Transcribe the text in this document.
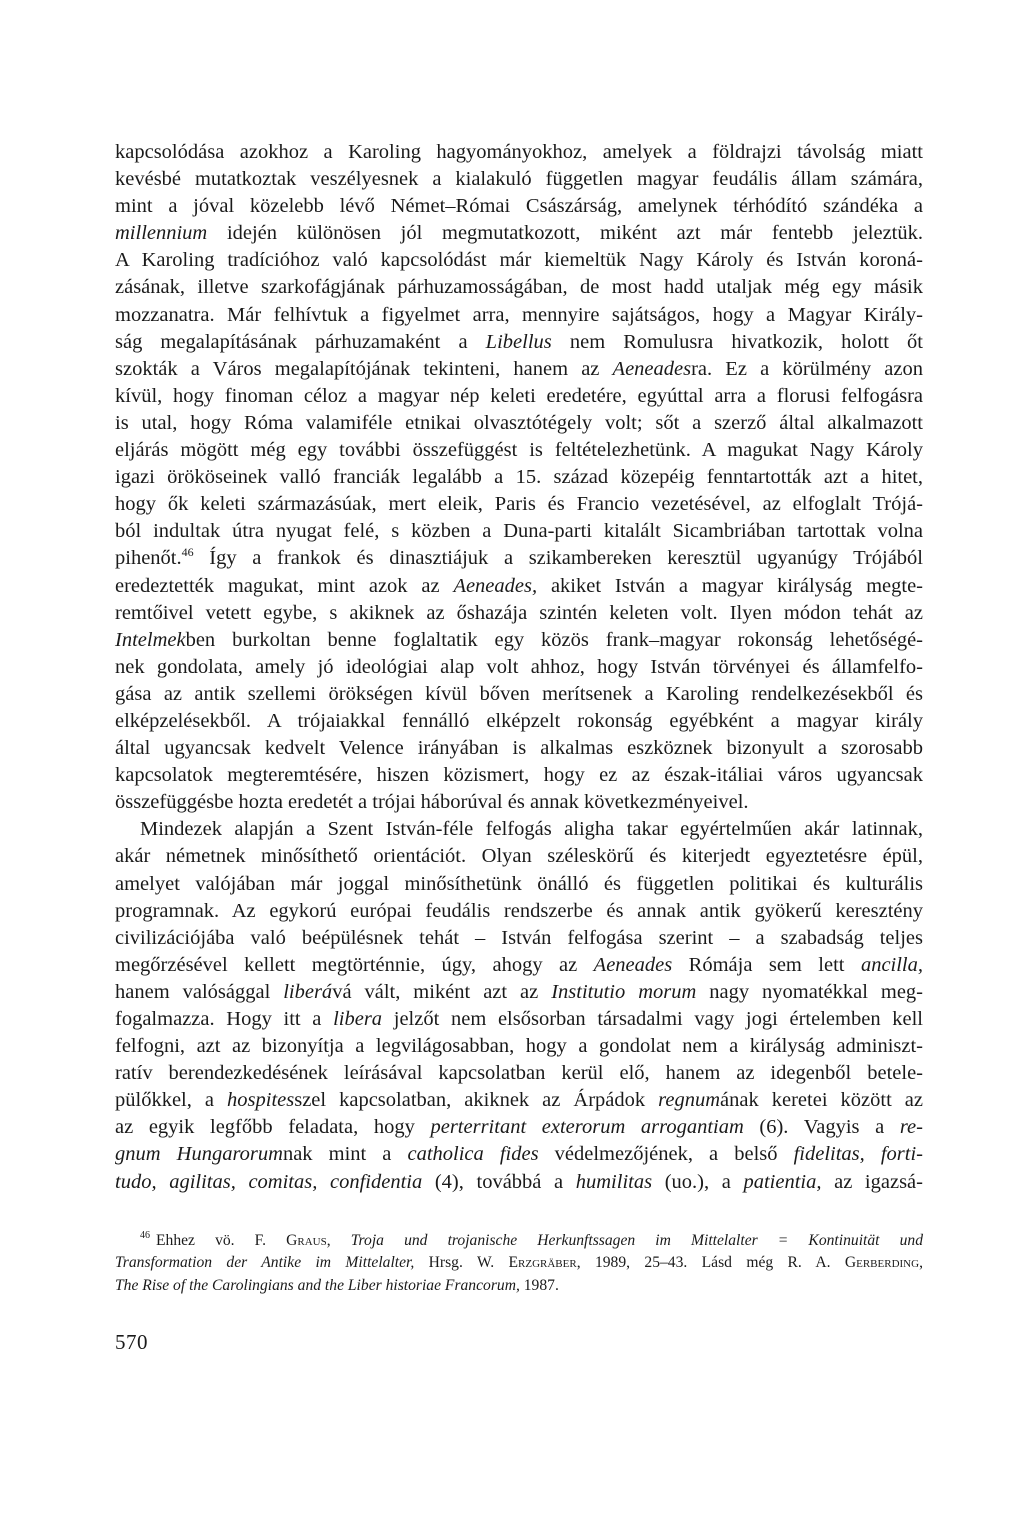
kapcsolódása azokhoz a Karoling hagyományokhoz, amelyek a földrajzi távolság miatt
kevésbé mutatkoztak veszélyesnek a kialakuló független magyar feudális állam számára,
mint a jóval közelebb lévő Német–Római Császárság, amelynek térhódító szándéka a
millennium idején különösen jól megmutatkozott, miként azt már fentebb jeleztük.
A Karoling tradícióhoz való kapcsolódást már kiemeltük Nagy Károly és István koroná-
zásának, illetve szarkofágjának párhuzamosságában, de most hadd utaljak még egy másik
mozzanatra. Már felhívtuk a figyelmet arra, mennyire sajátságos, hogy a Magyar Király-
ság megalapításának párhuzamaként a Libellus nem Romulusra hivatkozik, holott őt
szokták a Város megalapítójának tekinteni, hanem az Aeneadesra. Ez a körülmény azon
kívül, hogy finoman céloz a magyar nép keleti eredetére, egyúttal arra a florusi felfogásra
is utal, hogy Róma valamiféle etnikai olvasztótégely volt; sőt a szerző által alkalmazott
eljárás mögött még egy további összefüggést is feltételezhetünk. A magukat Nagy Károly
igazi örököseinek valló franciák legalább a 15. század közepéig fenntartották azt a hitet,
hogy ők keleti származásúak, mert eleik, Paris és Francio vezetésével, az elfoglalt Trójá-
ból indultak útra nyugat felé, s közben a Duna-parti kitalált Sicambriában tartottak volna
pihenőt.$^{46}$ Így a frankok és dinasztiájuk a szikambereken keresztül ugyanúgy Trójából
eredeztették magukat, mint azok az Aeneades, akiket István a magyar királyság megte-
remtőivel vetett egybe, s akiknek az őshazája szintén keleten volt. Ilyen módon tehát az
Intelmekben burkoltan benne foglaltatik egy közös frank–magyar rokonság lehetőségé-
nek gondolata, amely jó ideológiai alap volt ahhoz, hogy István törvényei és államfelfo-
gása az antik szellemi örökségen kívül bőven merítsenek a Karoling rendelkezésekből és
elképzelésekből. A trójaiakkal fennálló elképzelt rokonság egyébként a magyar király
által ugyancsak kedvelt Velence irányában is alkalmas eszköznek bizonyult a szorosabb
kapcsolatok megteremtésére, hiszen közismert, hogy ez az észak-itáliai város ugyancsak
összefüggésbe hozta eredetét a trójai háborúval és annak következményeivel.
Mindezek alapján a Szent István-féle felfogás aligha takar egyértelműen akár latinnak,
akár németnek minősíthető orientációt. Olyan széleskörű és kiterjedt egyeztetésre épül,
amelyet valójában már joggal minősíthetünk önálló és független politikai és kulturális
programnak. Az egykorú európai feudális rendszerbe és annak antik gyökerű keresztény
civilizációjába való beépülésnek tehát – István felfogása szerint – a szabadság teljes
megőrzésével kellett megtörténnie, úgy, ahogy az Aeneades Rómája sem lett ancilla,
hanem valósággal liberává vált, miként azt az Institutio morum nagy nyomatékkal meg-
fogalmazza. Hogy itt a libera jelzőt nem elsősorban társadalmi vagy jogi értelemben kell
felfogni, azt az bizonyítja a legvilágosabban, hogy a gondolat nem a királyság adminiszt-
ratív berendezkedésének leírásával kapcsolatban kerül elő, hanem az idegenből betele-
pülőkkel, a hospitesszel kapcsolatban, akiknek az Árpádok regnumának keretei között az
az egyik legfőbb feladata, hogy perterritant exterorum arrogantiam (6). Vagyis a re-
gnum Hungarorumnak mint a catholica fides védelmezőjének, a belső fidelitas, forti-
tudo, agilitas, comitas, confidentia (4), továbbá a humilitas (uo.), a patientia, az igazsá-
$^{46}$ Ehhez vö. F. Graus, Troja und trojanische Herkunftssagen im Mittelalter = Kontinuität und
Transformation der Antike im Mittelalter, Hrsg. W. Erzgräber, 1989, 25–43. Lásd még R. A. Gerberding,
The Rise of the Carolingians and the Liber historiae Francorum, 1987.
570
